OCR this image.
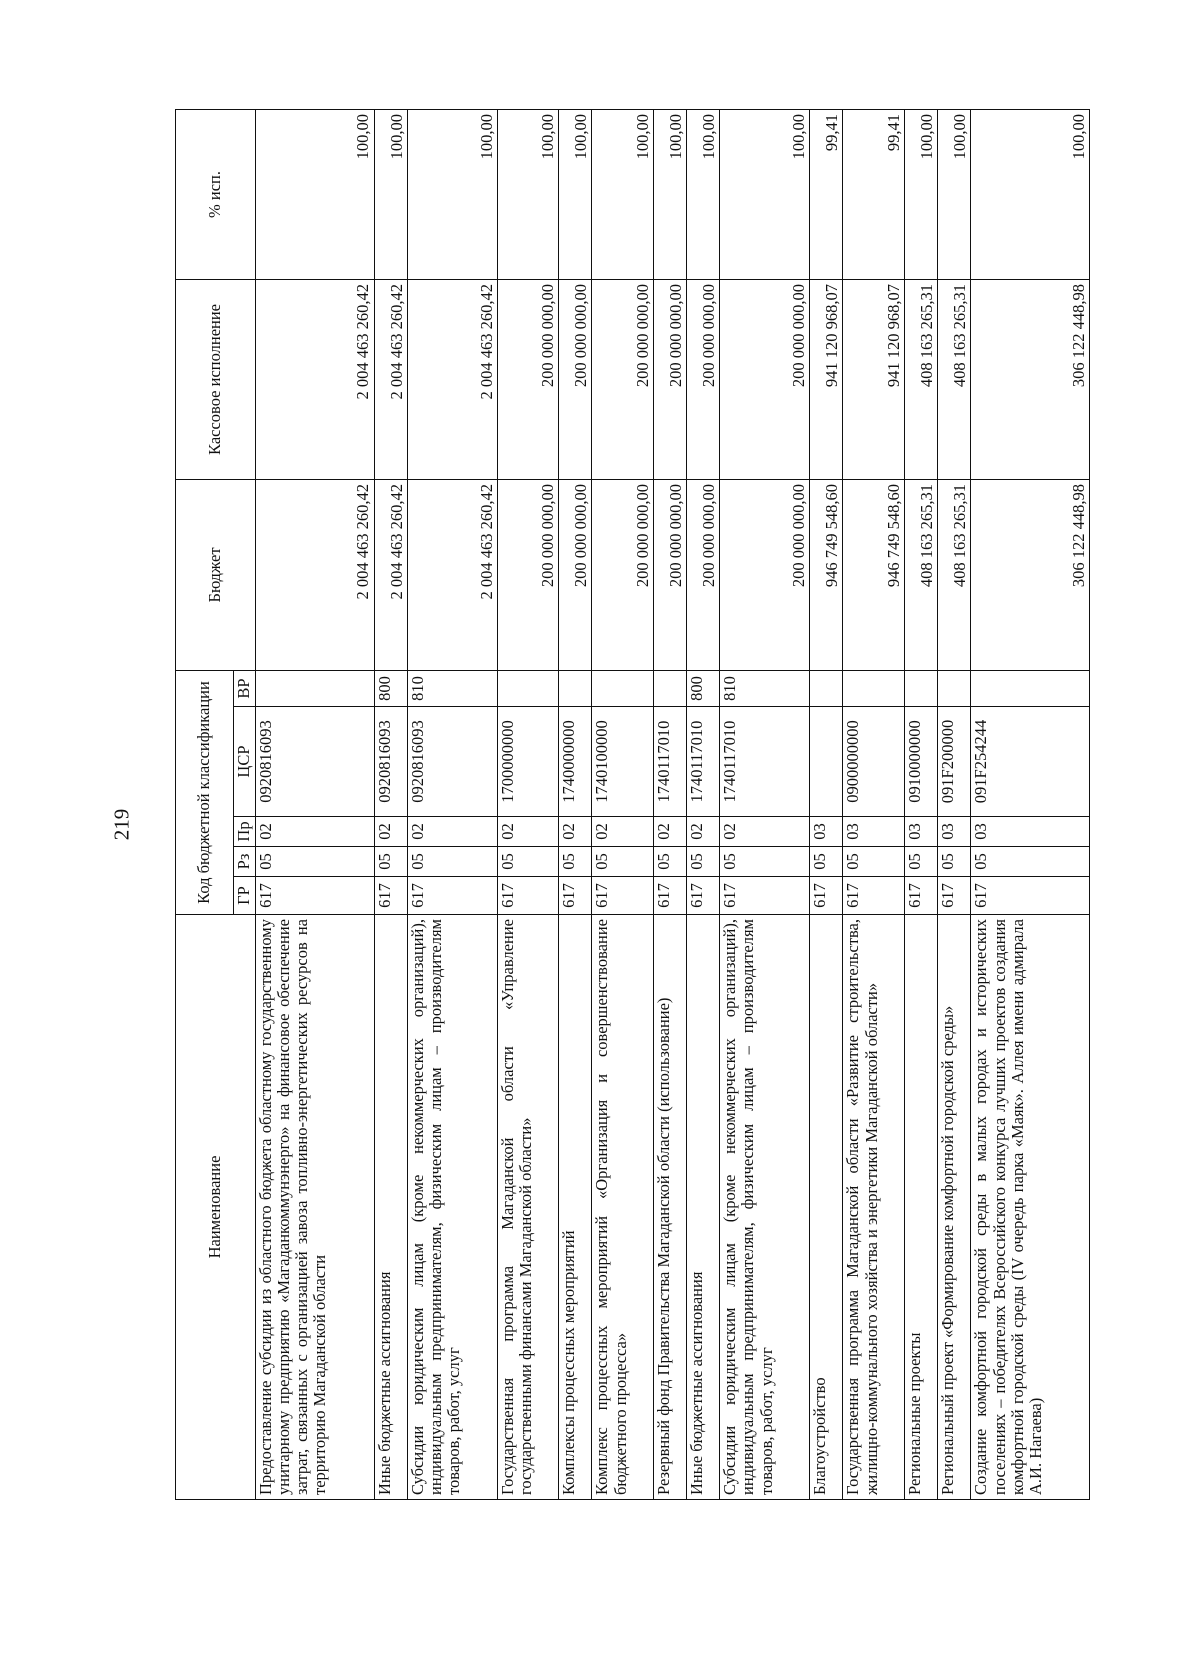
219
Наименование	Код бюджетной классификации					Бюджет	Кассовое исполнение	% исп.
	ГР	Рз	Пр	ЦСР	ВР			
Предоставление субсидии из областного бюджета областному государственному унитарному предприятию «Магаданкоммунэнерго» на финансовое обеспечение затрат, связанных с организацией завоза топливно-энергетических ресурсов на территорию Магаданской области	617	05	02	0920816093		2 004 463 260,42	2 004 463 260,42	100,00
Иные бюджетные ассигнования	617	05	02	0920816093	800	2 004 463 260,42	2 004 463 260,42	100,00
Субсидии юридическим лицам (кроме некоммерческих организаций), индивидуальным предпринимателям, физическим лицам – производителям товаров, работ, услуг	617	05	02	0920816093	810	2 004 463 260,42	2 004 463 260,42	100,00
Государственная программа Магаданской области «Управление государственными финансами Магаданской области»	617	05	02	1700000000		200 000 000,00	200 000 000,00	100,00
Комплексы процессных мероприятий	617	05	02	1740000000		200 000 000,00	200 000 000,00	100,00
Комплекс процессных мероприятий «Организация и совершенствование бюджетного процесса»	617	05	02	1740100000		200 000 000,00	200 000 000,00	100,00
Резервный фонд Правительства Магаданской области (использование)	617	05	02	1740117010		200 000 000,00	200 000 000,00	100,00
Иные бюджетные ассигнования	617	05	02	1740117010	800	200 000 000,00	200 000 000,00	100,00
Субсидии юридическим лицам (кроме некоммерческих организаций), индивидуальным предпринимателям, физическим лицам – производителям товаров, работ, услуг	617	05	02	1740117010	810	200 000 000,00	200 000 000,00	100,00
Благоустройство	617	05	03			946 749 548,60	941 120 968,07	99,41
Государственная программа Магаданской области «Развитие строительства, жилищно-коммунального хозяйства и энергетики Магаданской области»	617	05	03	0900000000		946 749 548,60	941 120 968,07	99,41
Региональные проекты	617	05	03	0910000000		408 163 265,31	408 163 265,31	100,00
Региональный проект «Формирование комфортной городской среды»	617	05	03	091F200000		408 163 265,31	408 163 265,31	100,00
Создание комфортной городской среды в малых городах и исторических поселениях – победителях Всероссийского конкурса лучших проектов создания комфортной городской среды (IV очередь парка «Маяк». Аллея имени адмирала А.И. Нагаева)	617	05	03	091F254244		306 122 448,98	306 122 448,98	100,00
